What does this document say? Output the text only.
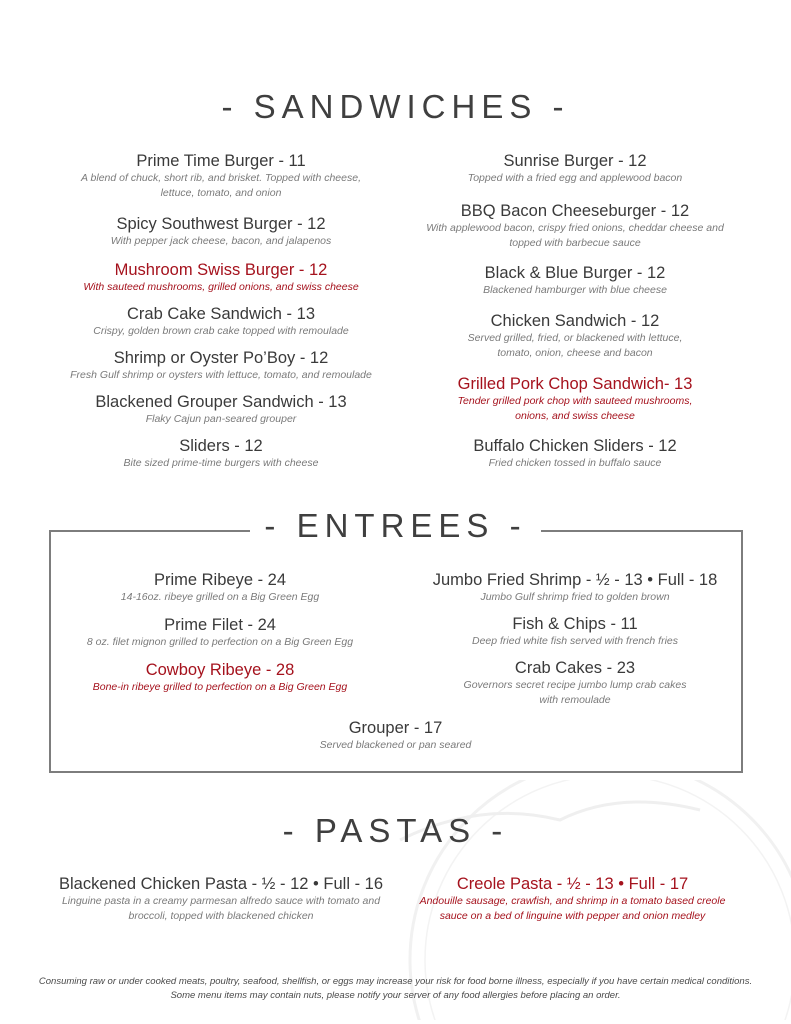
- SANDWICHES -
Prime Time Burger - 11
A blend of chuck, short rib, and brisket. Topped with cheese, lettuce, tomato, and onion
Spicy Southwest Burger - 12
With pepper jack cheese, bacon, and jalapenos
Mushroom Swiss Burger - 12
With sauteed mushrooms, grilled onions, and swiss cheese
Crab Cake Sandwich - 13
Crispy, golden brown crab cake topped with remoulade
Shrimp or Oyster Po’Boy - 12
Fresh Gulf shrimp or oysters with lettuce, tomato, and remoulade
Blackened Grouper Sandwich - 13
Flaky Cajun pan-seared grouper
Sliders - 12
Bite sized prime-time burgers with cheese
Sunrise Burger - 12
Topped with a fried egg and applewood bacon
BBQ Bacon Cheeseburger - 12
With applewood bacon, crispy fried onions, cheddar cheese and topped with barbecue sauce
Black & Blue Burger - 12
Blackened hamburger with blue cheese
Chicken Sandwich - 12
Served grilled, fried, or blackened with lettuce, tomato, onion, cheese and bacon
Grilled Pork Chop Sandwich- 13
Tender grilled pork chop with sauteed mushrooms, onions, and swiss cheese
Buffalo Chicken Sliders - 12
Fried chicken tossed in buffalo sauce
- ENTREES -
Prime Ribeye - 24
14-16oz. ribeye grilled on a Big Green Egg
Prime Filet - 24
8 oz. filet mignon grilled to perfection on a Big Green Egg
Cowboy Ribeye - 28
Bone-in ribeye grilled to perfection on a Big Green Egg
Jumbo Fried Shrimp - ½ - 13 • Full - 18
Jumbo Gulf shrimp fried to golden brown
Fish & Chips - 11
Deep fried white fish served with french fries
Crab Cakes - 23
Governors secret recipe jumbo lump crab cakes with remoulade
Grouper - 17
Served blackened or pan seared
- PASTAS -
Blackened Chicken Pasta - ½ - 12 • Full - 16
Linguine pasta in a creamy parmesan alfredo sauce with tomato and broccoli, topped with blackened chicken
Creole Pasta - ½ - 13 • Full - 17
Andouille sausage, crawfish, and shrimp in a tomato based creole sauce on a bed of linguine with pepper and onion medley
Consuming raw or under cooked meats, poultry, seafood, shellfish, or eggs may increase your risk for food borne illness, especially if you have certain medical conditions.
Some menu items may contain nuts, please notify your server of any food allergies before placing an order.
